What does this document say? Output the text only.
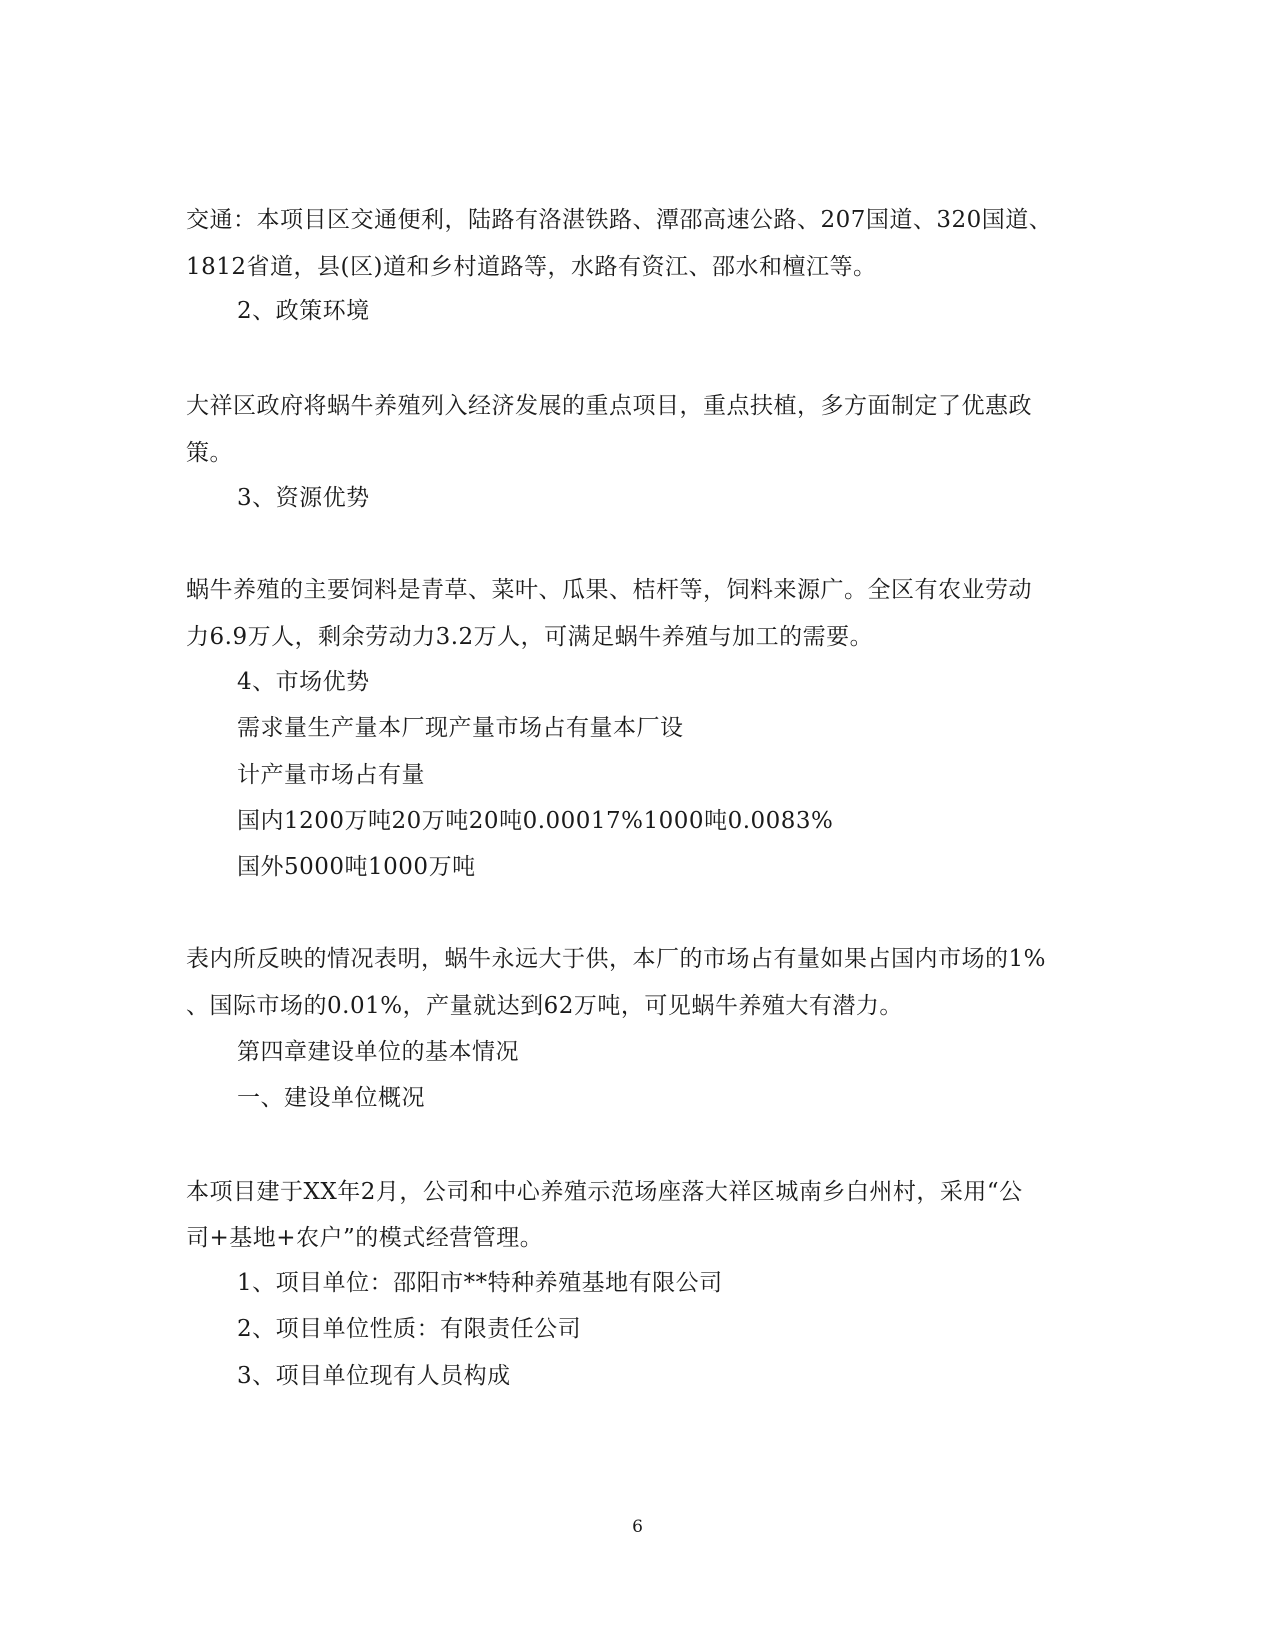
交通：本项目区交通便利，陆路有洛湛铁路、潭邵高速公路、207国道、320国道、
1812省道，县(区)道和乡村道路等，水路有资江、邵水和檀江等。
2、政策环境
大祥区政府将蜗牛养殖列入经济发展的重点项目，重点扶植，多方面制定了优惠政
策。
3、资源优势
蜗牛养殖的主要饲料是青草、菜叶、瓜果、桔杆等，饲料来源广。全区有农业劳动
力6.9万人，剩余劳动力3.2万人，可满足蜗牛养殖与加工的需要。
4、市场优势
需求量生产量本厂现产量市场占有量本厂设
计产量市场占有量
国内1200万吨20万吨20吨0.00017%1000吨0.0083%
国外5000吨1000万吨
表内所反映的情况表明，蜗牛永远大于供，本厂的市场占有量如果占国内市场的1%
、国际市场的0.01%，产量就达到62万吨，可见蜗牛养殖大有潜力。
第四章建设单位的基本情况
一、建设单位概况
本项目建于XX年2月，公司和中心养殖示范场座落大祥区城南乡白州村，采用“公
司+基地+农户”的模式经营管理。
1、项目单位：邵阳市**特种养殖基地有限公司
2、项目单位性质：有限责任公司
3、项目单位现有人员构成
6
